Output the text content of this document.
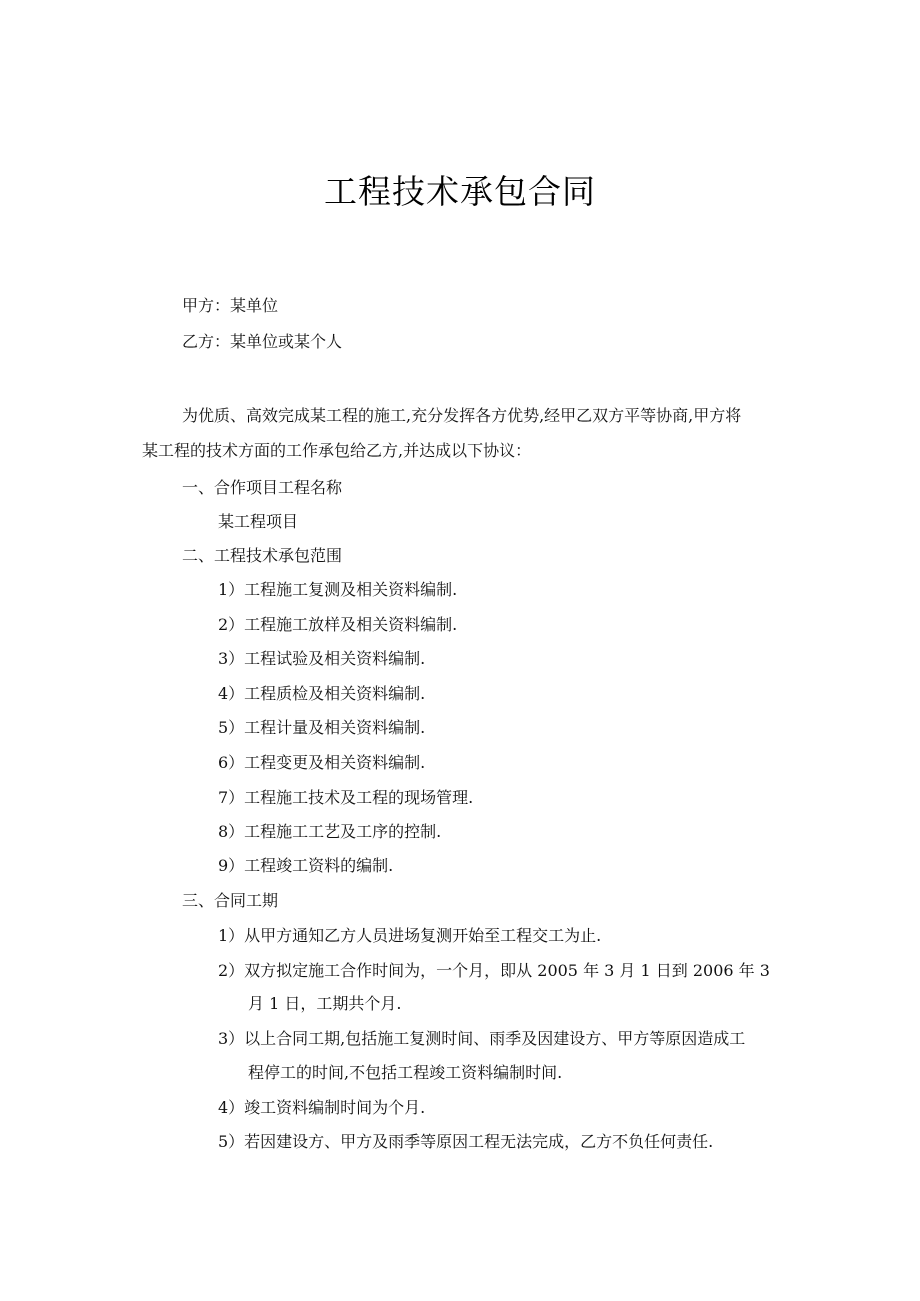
工程技术承包合同
甲方：某单位
乙方：某单位或某个人
为优质、高效完成某工程的施工,充分发挥各方优势,经甲乙双方平等协商,甲方将
某工程的技术方面的工作承包给乙方,并达成以下协议：
一、合作项目工程名称
某工程项目
二、工程技术承包范围
1）工程施工复测及相关资料编制.
2）工程施工放样及相关资料编制.
3）工程试验及相关资料编制.
4）工程质检及相关资料编制.
5）工程计量及相关资料编制.
6）工程变更及相关资料编制.
7）工程施工技术及工程的现场管理.
8）工程施工工艺及工序的控制.
9）工程竣工资料的编制.
三、合同工期
1）从甲方通知乙方人员进场复测开始至工程交工为止.
2）双方拟定施工合作时间为，一个月，即从 2005 年 3 月 1 日到 2006 年 3
月 1 日，工期共个月.
3）以上合同工期,包括施工复测时间、雨季及因建设方、甲方等原因造成工
程停工的时间,不包括工程竣工资料编制时间.
4）竣工资料编制时间为个月.
5）若因建设方、甲方及雨季等原因工程无法完成，乙方不负任何责任.
